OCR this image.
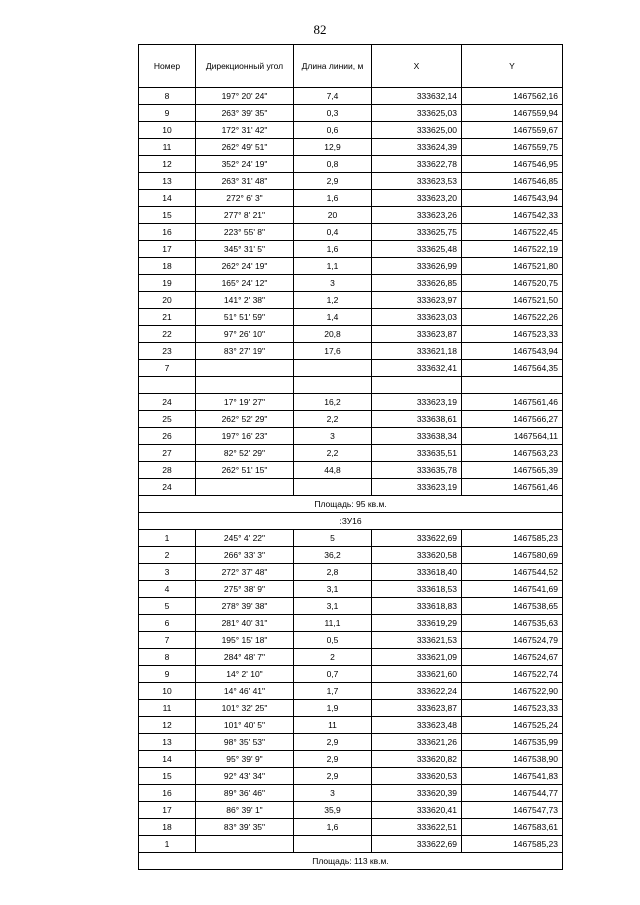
82
Номер	Дирекционный угол	Длина линии, м	X	Y
8	197° 20' 24"	7,4	333632,14	1467562,16
9	263° 39' 35"	0,3	333625,03	1467559,94
10	172° 31' 42"	0,6	333625,00	1467559,67
11	262° 49' 51"	12,9	333624,39	1467559,75
12	352° 24' 19"	0,8	333622,78	1467546,95
13	263° 31' 48"	2,9	333623,53	1467546,85
14	272° 6' 3"	1,6	333623,20	1467543,94
15	277° 8' 21"	20	333623,26	1467542,33
16	223° 55' 8"	0,4	333625,75	1467522,45
17	345° 31' 5"	1,6	333625,48	1467522,19
18	262° 24' 19"	1,1	333626,99	1467521,80
19	165° 24' 12"	3	333626,85	1467520,75
20	141° 2' 38"	1,2	333623,97	1467521,50
21	51° 51' 59"	1,4	333623,03	1467522,26
22	97° 26' 10"	20,8	333623,87	1467523,33
23	83° 27' 19"	17,6	333621,18	1467543,94
7			333632,41	1467564,35

24	17° 19' 27"	16,2	333623,19	1467561,46
25	262° 52' 29"	2,2	333638,61	1467566,27
26	197° 16' 23"	3	333638,34	1467564,11
27	82° 52' 29"	2,2	333635,51	1467563,23
28	262° 51' 15"	44,8	333635,78	1467565,39
24			333623,19	1467561,46
Площадь: 95 кв.м.				
:ЗУ16				
1	245° 4' 22"	5	333622,69	1467585,23
2	266° 33' 3"	36,2	333620,58	1467580,69
3	272° 37' 48"	2,8	333618,40	1467544,52
4	275° 38' 9"	3,1	333618,53	1467541,69
5	278° 39' 38"	3,1	333618,83	1467538,65
6	281° 40' 31"	11,1	333619,29	1467535,63
7	195° 15' 18"	0,5	333621,53	1467524,79
8	284° 48' 7"	2	333621,09	1467524,67
9	14° 2' 10"	0,7	333621,60	1467522,74
10	14° 46' 41"	1,7	333622,24	1467522,90
11	101° 32' 25"	1,9	333623,87	1467523,33
12	101° 40' 5"	11	333623,48	1467525,24
13	98° 35' 53"	2,9	333621,26	1467535,99
14	95° 39' 9"	2,9	333620,82	1467538,90
15	92° 43' 34"	2,9	333620,53	1467541,83
16	89° 36' 46"	3	333620,39	1467544,77
17	86° 39' 1"	35,9	333620,41	1467547,73
18	83° 39' 35"	1,6	333622,51	1467583,61
1			333622,69	1467585,23
Площадь: 113 кв.м.				
